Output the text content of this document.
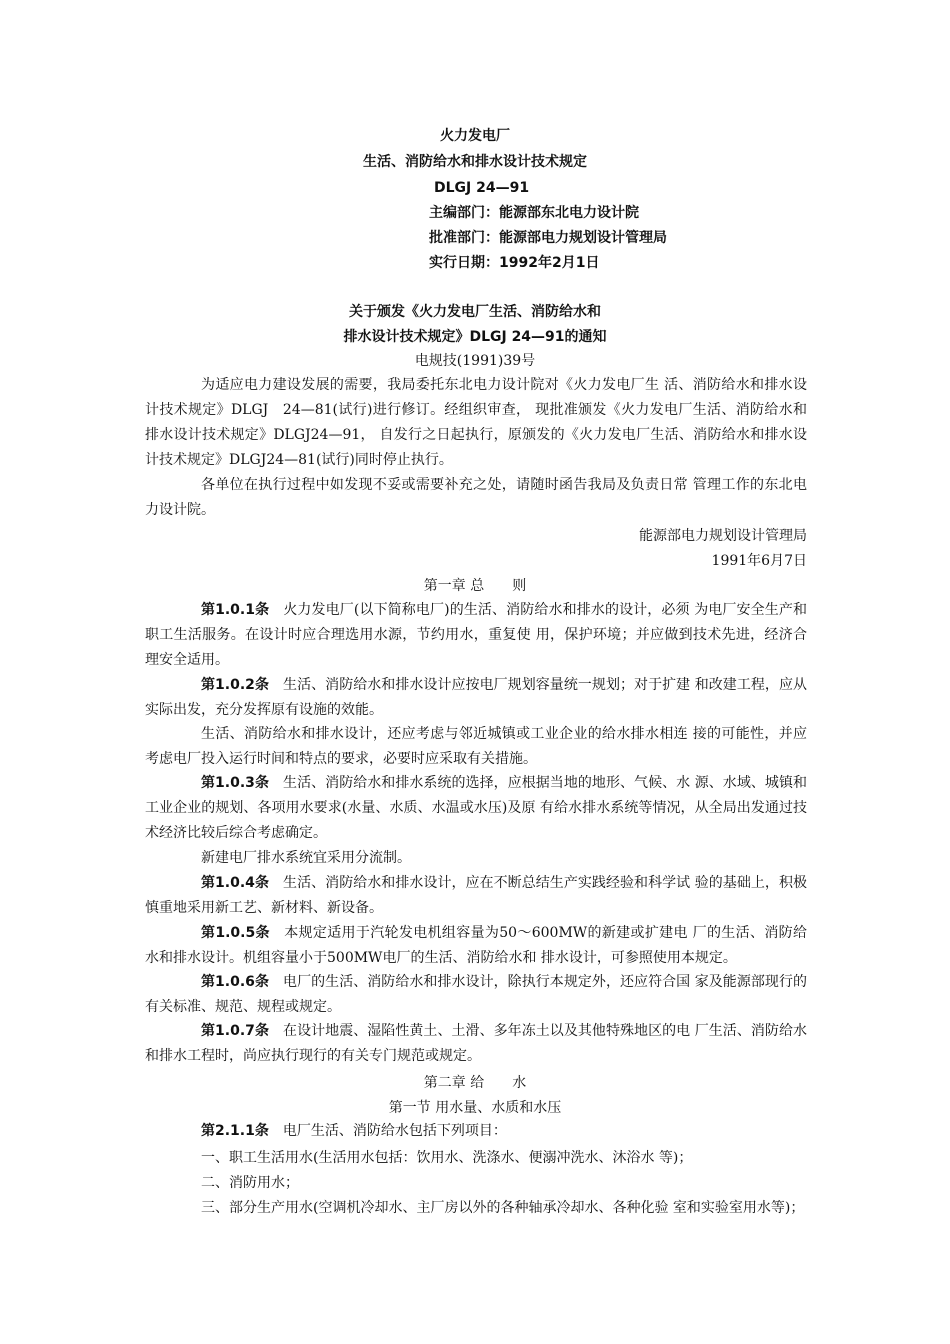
火力发电厂
生活、消防给水和排水设计技术规定
DLGJ 24—91
主编部门：能源部东北电力设计院
批准部门：能源部电力规划设计管理局
实行日期：1992年2月1日
关于颁发《火力发电厂生活、消防给水和
排水设计技术规定》DLGJ 24—91的通知
电规技(1991)39号
为适应电力建设发展的需要，我局委托东北电力设计院对《火力发电厂生 活、消防给水和排水设计技术规定》DLGJ　24—81(试行)进行修订。经组织审查， 现批准颁发《火力发电厂生活、消防给水和排水设计技术规定》DLGJ24—91， 自发行之日起执行，原颁发的《火力发电厂生活、消防给水和排水设计技术规定》DLGJ24—81(试行)同时停止执行。
各单位在执行过程中如发现不妥或需要补充之处，请随时函告我局及负责日常 管理工作的东北电力设计院。
能源部电力规划设计管理局
1991年6月7日
第一章 总　　则
第1.0.1条　火力发电厂(以下简称电厂)的生活、消防给水和排水的设计，必须 为电厂安全生产和职工生活服务。在设计时应合理选用水源，节约用水，重复使 用，保护环境；并应做到技术先进，经济合理安全适用。
第1.0.2条　生活、消防给水和排水设计应按电厂规划容量统一规划；对于扩建 和改建工程，应从实际出发，充分发挥原有设施的效能。
生活、消防给水和排水设计，还应考虑与邻近城镇或工业企业的给水排水相连 接的可能性，并应考虑电厂投入运行时间和特点的要求，必要时应采取有关措施。
第1.0.3条　生活、消防给水和排水系统的选择，应根据当地的地形、气候、水 源、水域、城镇和工业企业的规划、各项用水要求(水量、水质、水温或水压)及原 有给水排水系统等情况，从全局出发通过技术经济比较后综合考虑确定。
新建电厂排水系统宜采用分流制。
第1.0.4条　生活、消防给水和排水设计，应在不断总结生产实践经验和科学试 验的基础上，积极慎重地采用新工艺、新材料、新设备。
第1.0.5条　本规定适用于汽轮发电机组容量为50～600MW的新建或扩建电 厂的生活、消防给水和排水设计。机组容量小于500MW电厂的生活、消防给水和 排水设计，可参照使用本规定。
第1.0.6条　电厂的生活、消防给水和排水设计，除执行本规定外，还应符合国 家及能源部现行的有关标准、规范、规程或规定。
第1.0.7条　在设计地震、湿陷性黄土、土滑、多年冻土以及其他特殊地区的电 厂生活、消防给水和排水工程时，尚应执行现行的有关专门规范或规定。
第二章 给　　水
第一节 用水量、水质和水压
第2.1.1条　电厂生活、消防给水包括下列项目：
一、职工生活用水(生活用水包括：饮用水、洗涤水、便溺冲洗水、沐浴水 等)；
二、消防用水；
三、部分生产用水(空调机冷却水、主厂房以外的各种轴承冷却水、各种化验 室和实验室用水等)；
